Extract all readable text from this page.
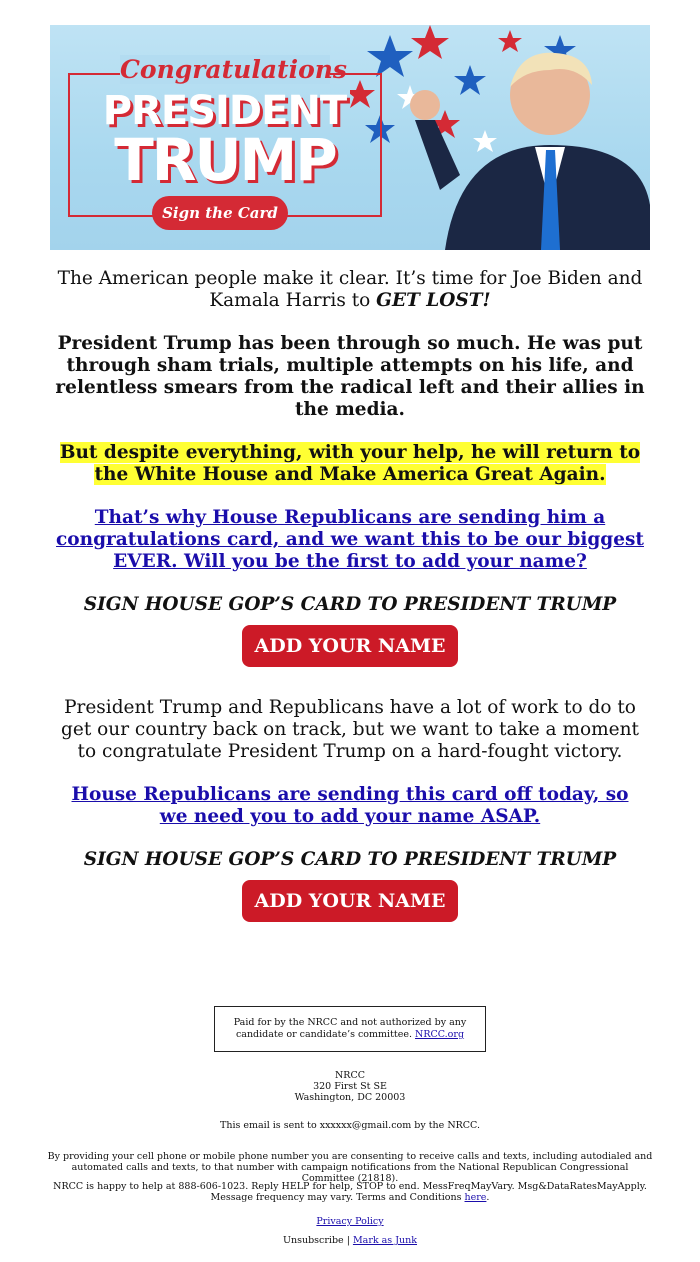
Congratulations
PRESIDENT
TRUMP
Sign the Card

The American people make it clear. It’s time for Joe Biden and Kamala Harris to GET LOST!

President Trump has been through so much. He was put through sham trials, multiple attempts on his life, and relentless smears from the radical left and their allies in the media.

But despite everything, with your help, he will return to the White House and Make America Great Again.

That’s why House Republicans are sending him a congratulations card, and we want this to be our biggest EVER. Will you be the first to add your name?

SIGN HOUSE GOP’S CARD TO PRESIDENT TRUMP

ADD YOUR NAME

President Trump and Republicans have a lot of work to do to get our country back on track, but we want to take a moment to congratulate President Trump on a hard-fought victory.

House Republicans are sending this card off today, so we need you to add your name ASAP.

SIGN HOUSE GOP’S CARD TO PRESIDENT TRUMP

ADD YOUR NAME
Paid for by the NRCC and not authorized by any candidate or candidate’s committee. NRCC.org
NRCC
320 First St SE
Washington, DC 20003
This email is sent to xxxxxx@gmail.com by the NRCC.
By providing your cell phone or mobile phone number you are consenting to receive calls and texts, including autodialed and automated calls and texts, to that number with campaign notifications from the National Republican Congressional Committee (21818).
NRCC is happy to help at 888-606-1023. Reply HELP for help, STOP to end. MessFreqMayVary. Msg&DataRatesMayApply. Message frequency may vary. Terms and Conditions here.
Privacy Policy
Unsubscribe | Mark as Junk
